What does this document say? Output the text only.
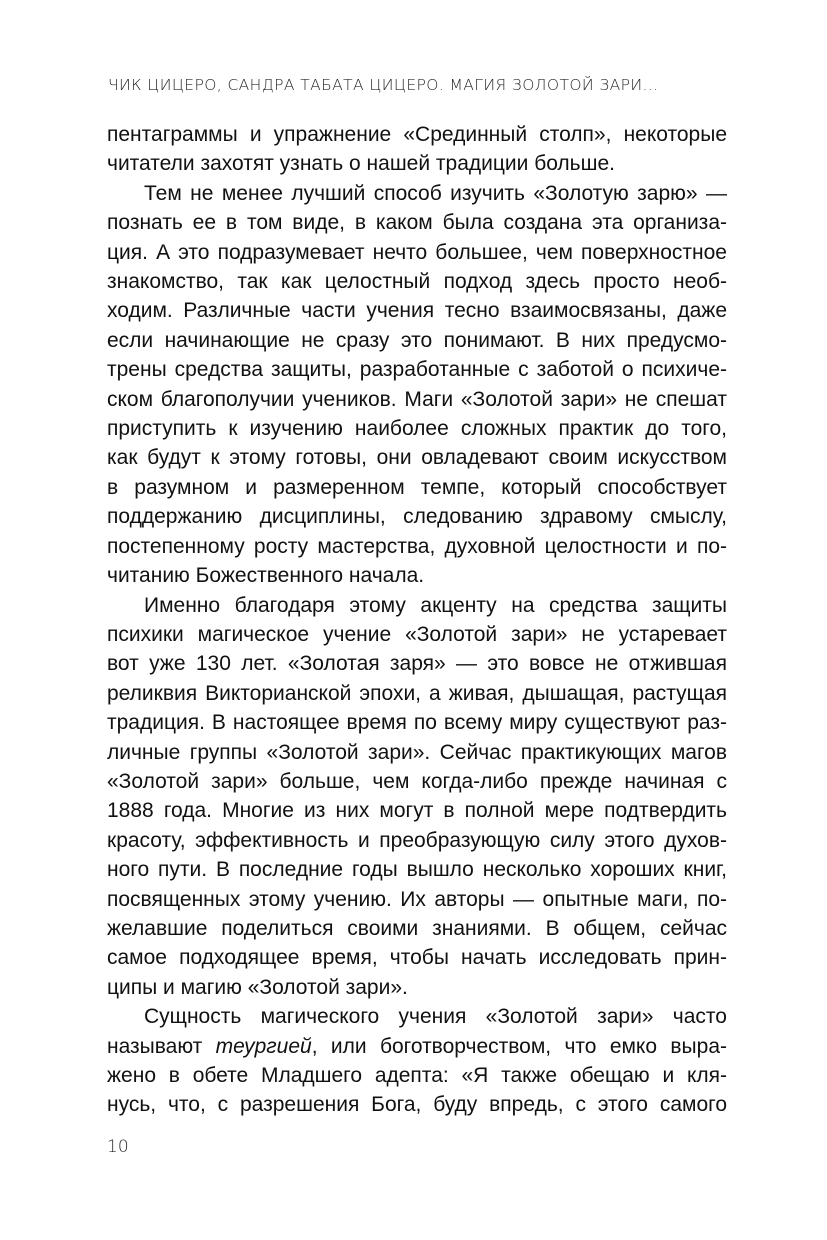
ЧИК ЦИЦЕРО, САНДРА ТАБАТА ЦИЦЕРО. МАГИЯ ЗОЛОТОЙ ЗАРИ...
пентаграммы и упражнение «Срединный столп», некоторые
читатели захотят узнать о нашей традиции больше.
Тем не менее лучший способ изучить «Золотую зарю» —
познать ее в том виде, в каком была создана эта организа-
ция. А это подразумевает нечто большее, чем поверхностное
знакомство, так как целостный подход здесь просто необ-
ходим. Различные части учения тесно взаимосвязаны, даже
если начинающие не сразу это понимают. В них предусмо-
трены средства защиты, разработанные с заботой о психиче-
ском благополучии учеников. Маги «Золотой зари» не спешат
приступить к изучению наиболее сложных практик до того,
как будут к этому готовы, они овладевают своим искусством
в разумном и размеренном темпе, который способствует
поддержанию дисциплины, следованию здравому смыслу,
постепенному росту мастерства, духовной целостности и по-
читанию Божественного начала.
Именно благодаря этому акценту на средства защиты
психики магическое учение «Золотой зари» не устаревает
вот уже 130 лет. «Золотая заря» — это вовсе не отжившая
реликвия Викторианской эпохи, а живая, дышащая, растущая
традиция. В настоящее время по всему миру существуют раз-
личные группы «Золотой зари». Сейчас практикующих магов
«Золотой зари» больше, чем когда-либо прежде начиная с
1888 года. Многие из них могут в полной мере подтвердить
красоту, эффективность и преобразующую силу этого духов-
ного пути. В последние годы вышло несколько хороших книг,
посвященных этому учению. Их авторы — опытные маги, по-
желавшие поделиться своими знаниями. В общем, сейчас
самое подходящее время, чтобы начать исследовать прин-
ципы и магию «Золотой зари».
Сущность магического учения «Золотой зари» часто
называют теургией, или боготворчеством, что емко выра-
жено в обете Младшего адепта: «Я также обещаю и кля-
нусь, что, с разрешения Бога, буду впредь, с этого самого
10
